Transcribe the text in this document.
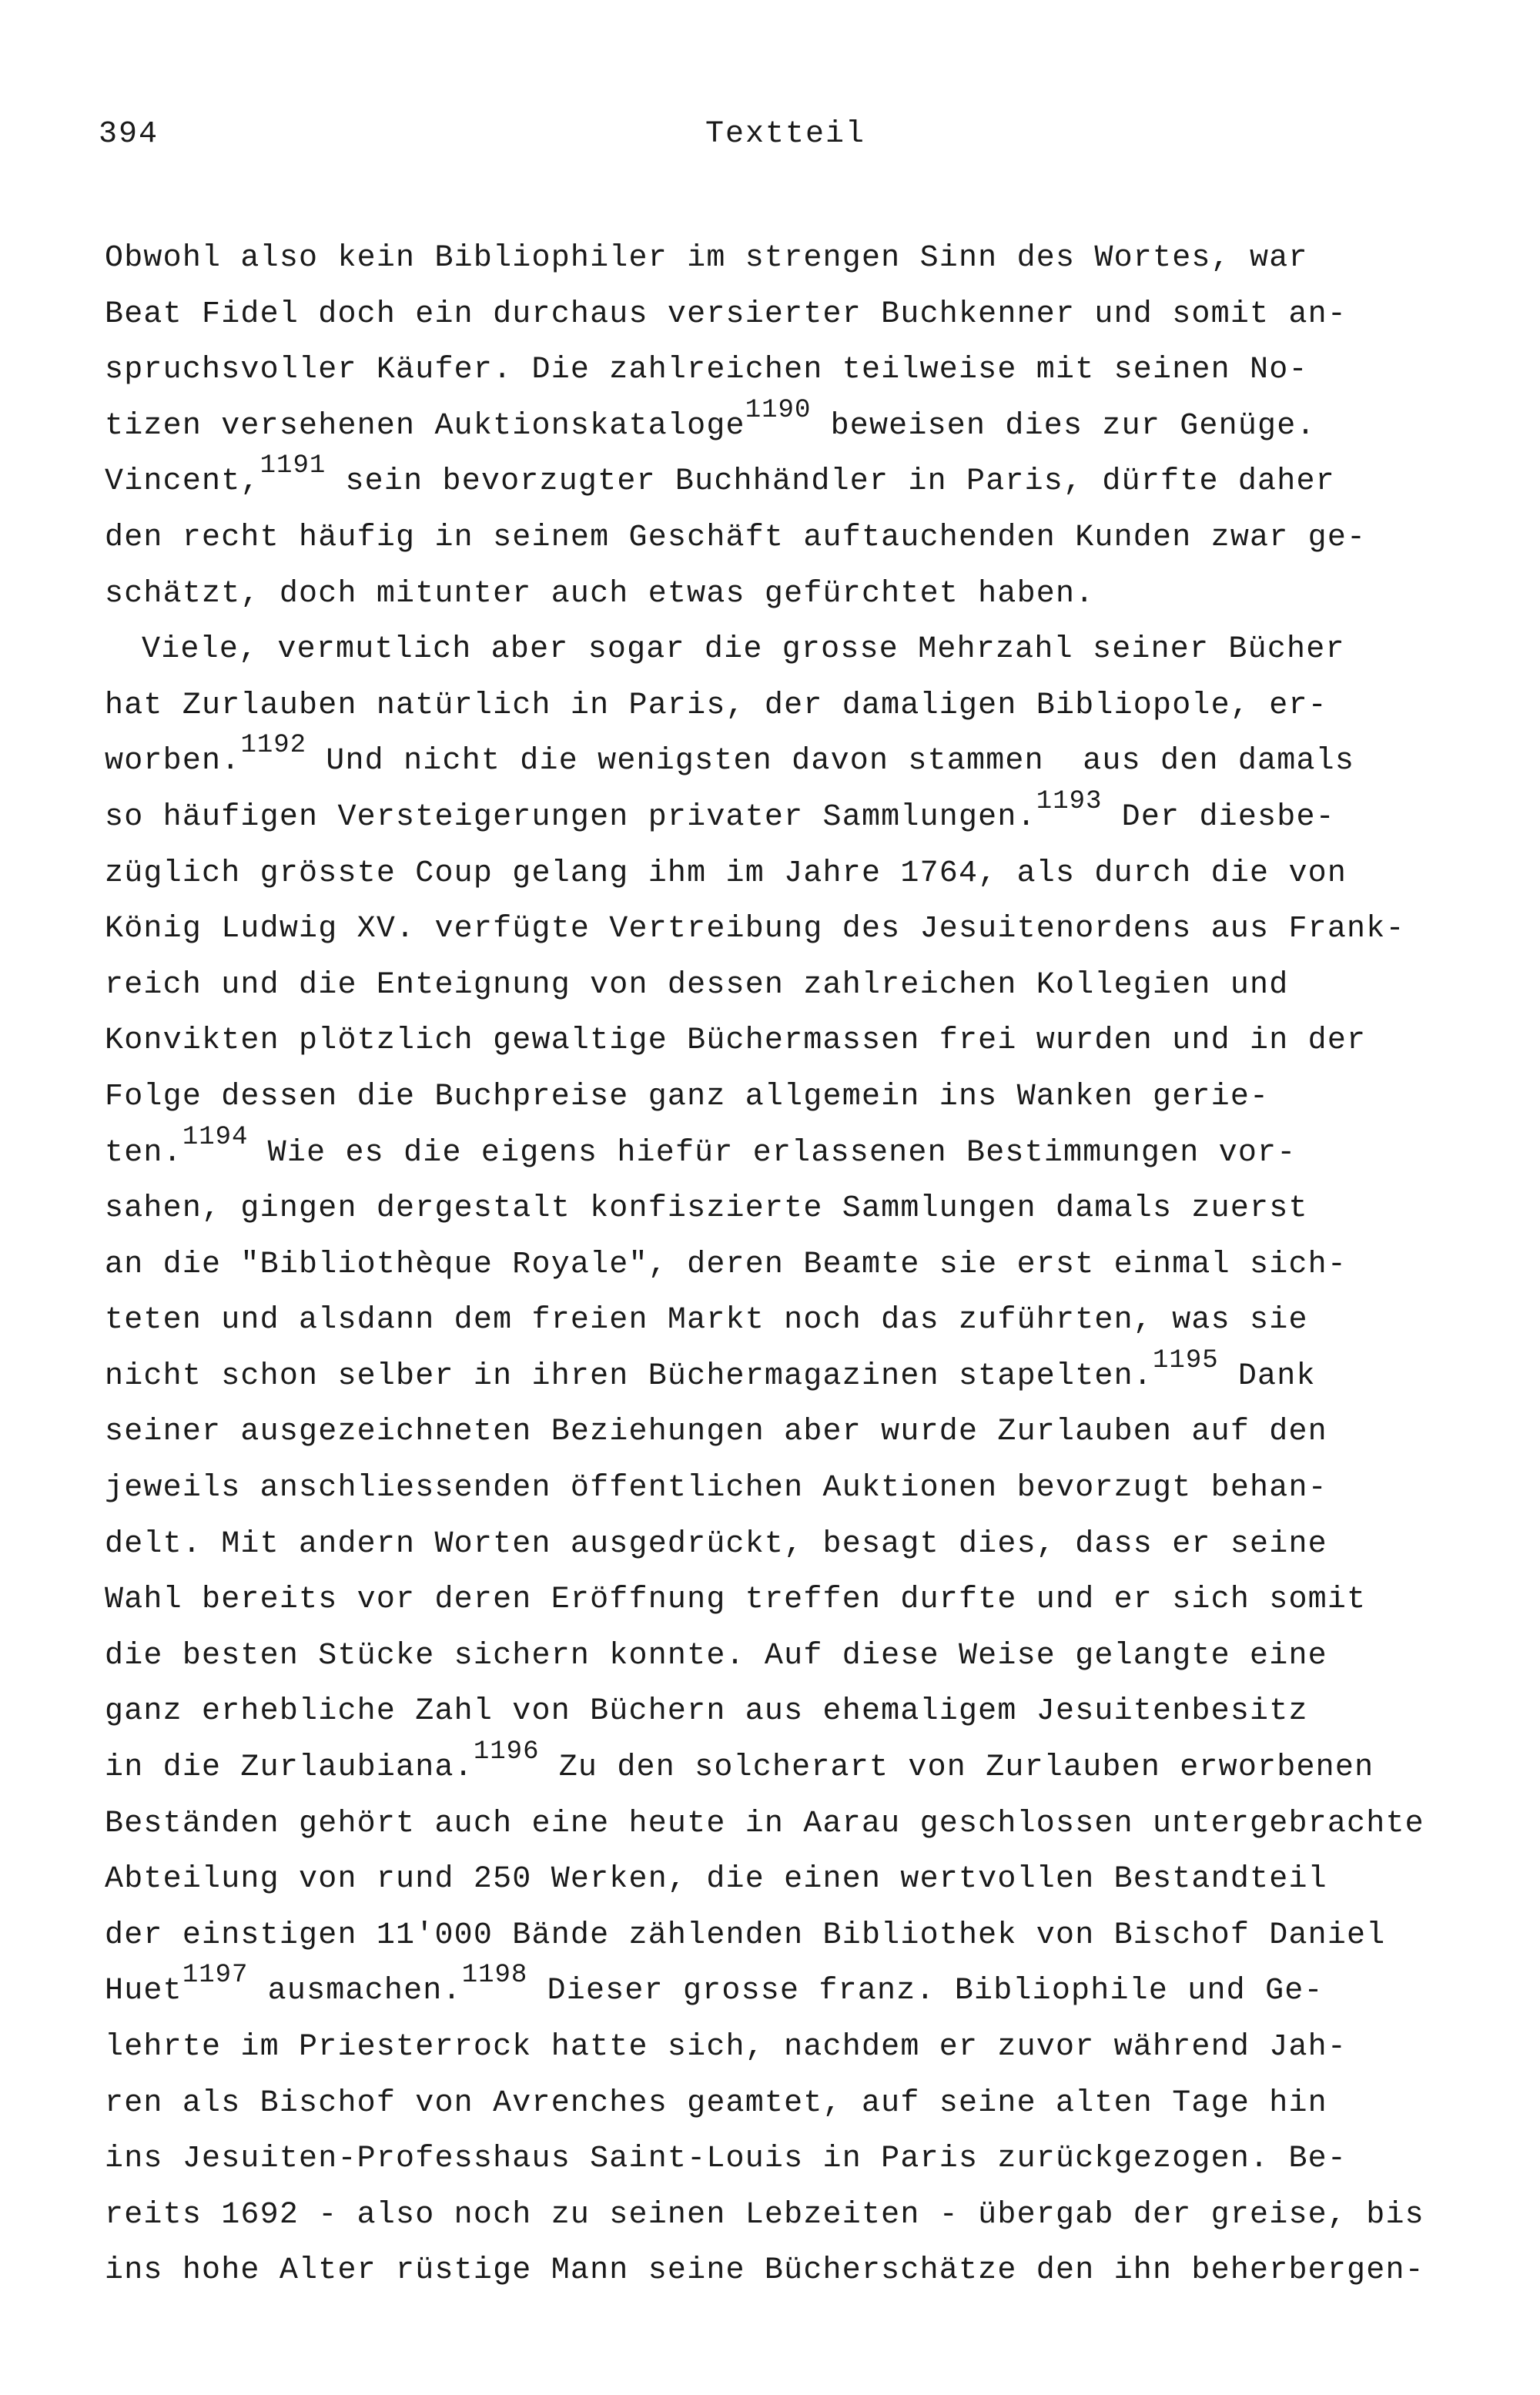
394	Textteil
Obwohl also kein Bibliophiler im strengen Sinn des Wortes, war
Beat Fidel doch ein durchaus versierter Buchkenner und somit an-
spruchsvoller Käufer. Die zahlreichen teilweise mit seinen No-
tizen versehenen Auktionskataloge$^{1190}$ beweisen dies zur Genüge.
Vincent,$^{1191}$ sein bevorzugter Buchhändler in Paris, dürfte daher
den recht häufig in seinem Geschäft auftauchenden Kunden zwar ge-
schätzt, doch mitunter auch etwas gefürchtet haben.
Viele, vermutlich aber sogar die grosse Mehrzahl seiner Bücher
hat Zurlauben natürlich in Paris, der damaligen Bibliopole, er-
worben.$^{1192}$ Und nicht die wenigsten davon stammen  aus den damals
so häufigen Versteigerungen privater Sammlungen.$^{1193}$ Der diesbe-
züglich grösste Coup gelang ihm im Jahre 1764, als durch die von
König Ludwig XV. verfügte Vertreibung des Jesuitenordens aus Frank-
reich und die Enteignung von dessen zahlreichen Kollegien und
Konvikten plötzlich gewaltige Büchermassen frei wurden und in der
Folge dessen die Buchpreise ganz allgemein ins Wanken gerie-
ten.$^{1194}$ Wie es die eigens hiefür erlassenen Bestimmungen vor-
sahen, gingen dergestalt konfiszierte Sammlungen damals zuerst
an die "Bibliothèque Royale", deren Beamte sie erst einmal sich-
teten und alsdann dem freien Markt noch das zuführten, was sie
nicht schon selber in ihren Büchermagazinen stapelten.$^{1195}$ Dank
seiner ausgezeichneten Beziehungen aber wurde Zurlauben auf den
jeweils anschliessenden öffentlichen Auktionen bevorzugt behan-
delt. Mit andern Worten ausgedrückt, besagt dies, dass er seine
Wahl bereits vor deren Eröffnung treffen durfte und er sich somit
die besten Stücke sichern konnte. Auf diese Weise gelangte eine
ganz erhebliche Zahl von Büchern aus ehemaligem Jesuitenbesitz
in die Zurlaubiana.$^{1196}$ Zu den solcherart von Zurlauben erworbenen
Beständen gehört auch eine heute in Aarau geschlossen untergebrachte
Abteilung von rund 250 Werken, die einen wertvollen Bestandteil
der einstigen 11'000 Bände zählenden Bibliothek von Bischof Daniel
Huet$^{1197}$ ausmachen.$^{1198}$ Dieser grosse franz. Bibliophile und Ge-
lehrte im Priesterrock hatte sich, nachdem er zuvor während Jah-
ren als Bischof von Avrenches geamtet, auf seine alten Tage hin
ins Jesuiten-Professhaus Saint-Louis in Paris zurückgezogen. Be-
reits 1692 - also noch zu seinen Lebzeiten - übergab der greise, bis
ins hohe Alter rüstige Mann seine Bücherschätze den ihn beherbergen-
